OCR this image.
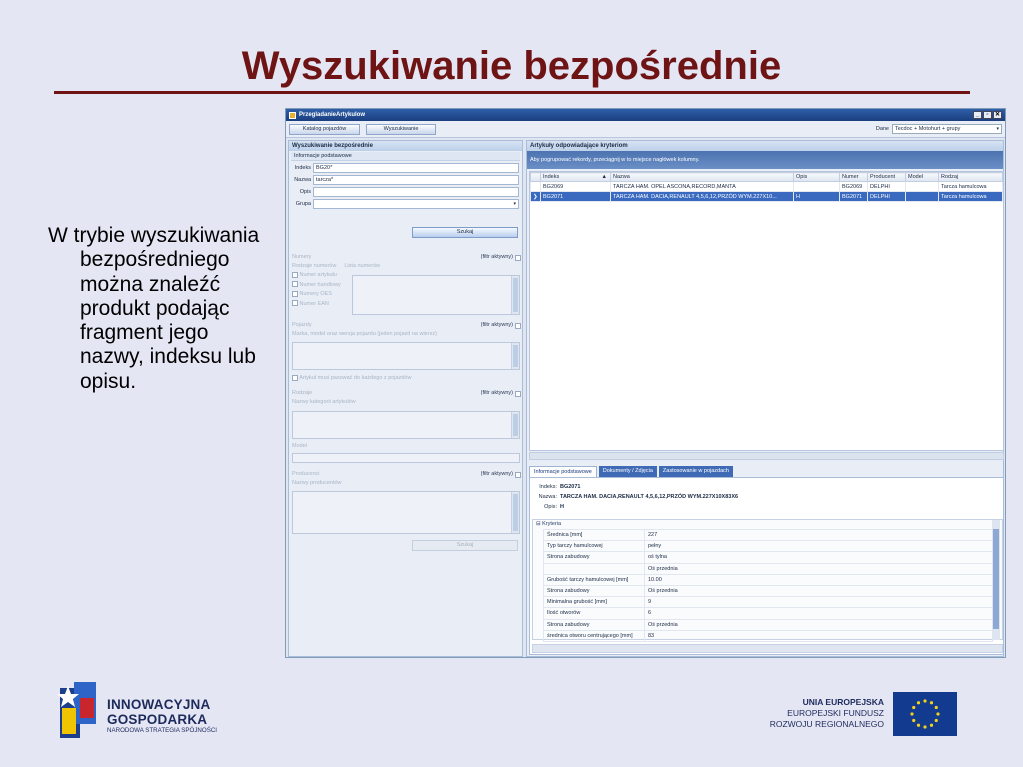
Wyszukiwanie bezpośrednie
W trybie wyszukiwania bezpośredniego można znaleźć produkt podając fragment jego nazwy, indeksu lub opisu.
PrzegladanieArtykulow	_	▫	✕
Katalog pojazdów	Wyszukiwanie	Dane	Tecdoc + Motohurt + grupy	▾
Wyszukiwanie bezpośrednie
Informacje podstawowe
Indeks BG20*
Nazwa tarcza*
Opis
Grupa	▾
Szukaj
Numery	(filtr aktywny)
Rodzaje numerów Lista numerów
Numer artykułu
Numer handlowy
Numery OES
Numer EAN
Pojazdy	(filtr aktywny)
Marka, model oraz wersja pojazdu (jeden pojazd na wiersz)
Artykuł musi pasować do każdego z pojazdów
Rodzaje	(filtr aktywny)
Nazwy kategorii artykułów
Model
Producenci	(filtr aktywny)
Nazwy producentów
Szukaj
Artykuły odpowiadające kryteriom
Aby pogrupować rekordy, przeciągnij w to miejsce nagłówek kolumny.
	Indeks ▲	Nazwa	Opis	Numer	Producent	Model	Rodzaj
	BG2069	TARCZA HAM. OPEL ASCONA,RECORD,MANTA		BG2069	DELPHI		Tarcza hamulcowa
❯	BG2071	TARCZA HAM. DACIA,RENAULT 4,5,6,12,PRZÓD WYM.227X10...	H	BG2071	DELPHI		Tarcza hamulcowa
Informacje podstawowe	Dokumenty / Zdjęcia	Zastosowanie w pojazdach
Indeks: BG2071
Nazwa: TARCZA HAM. DACIA,RENAULT 4,5,6,12,PRZÓD WYM.227X10X83X6
Opis: H
⊟ Kryteria
Średnica [mm]	227
Typ tarczy hamulcowej	pełny
Strona zabudowy	oś tylna
	Oś przednia
Grubość tarczy hamulcowej [mm]	10.00
Strona zabudowy	Oś przednia
Minimalna grubość [mm]	9
Ilość otworów	6
Strona zabudowy	Oś przednia
średnica otworu centrującego [mm]	83
INNOWACYJNA
GOSPODARKA
NARODOWA STRATEGIA SPÓJNOŚCI
UNIA EUROPEJSKA
EUROPEJSKI FUNDUSZ
ROZWOJU REGIONALNEGO
